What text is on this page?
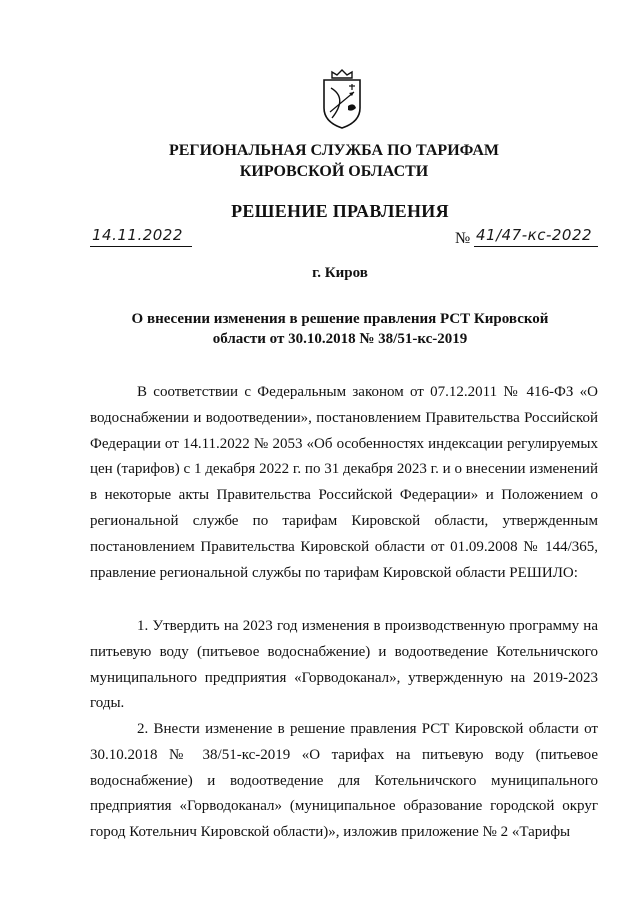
РЕГИОНАЛЬНАЯ СЛУЖБА ПО ТАРИФАМ
КИРОВСКОЙ ОБЛАСТИ
РЕШЕНИЕ ПРАВЛЕНИЯ
14.11.2022	№ 41/47-кс-2022
г. Киров
О внесении изменения в решение правления РСТ Кировской
области от 30.10.2018 № 38/51-кс-2019
В соответствии с Федеральным законом от 07.12.2011 № 416-ФЗ «О водоснабжении и водоотведении», постановлением Правительства Российской Федерации от 14.11.2022 № 2053 «Об особенностях индексации регулируемых цен (тарифов) с 1 декабря 2022 г. по 31 декабря 2023 г. и о внесении изменений в некоторые акты Правительства Российской Федерации» и Положением о региональной службе по тарифам Кировской области, утвержденным постановлением Правительства Кировской области от 01.09.2008 № 144/365, правление региональной службы по тарифам Кировской области РЕШИЛО:
1. Утвердить на 2023 год изменения в производственную программу на питьевую воду (питьевое водоснабжение) и водоотведение Котельничского муниципального предприятия «Горводоканал», утвержденную на 2019-2023 годы.
2. Внести изменение в решение правления РСТ Кировской области от 30.10.2018 № 38/51-кс-2019 «О тарифах на питьевую воду (питьевое водоснабжение) и водоотведение для Котельничского муниципального предприятия «Горводоканал» (муниципальное образование городской округ город Котельнич Кировской области)», изложив приложение № 2 «Тарифы
